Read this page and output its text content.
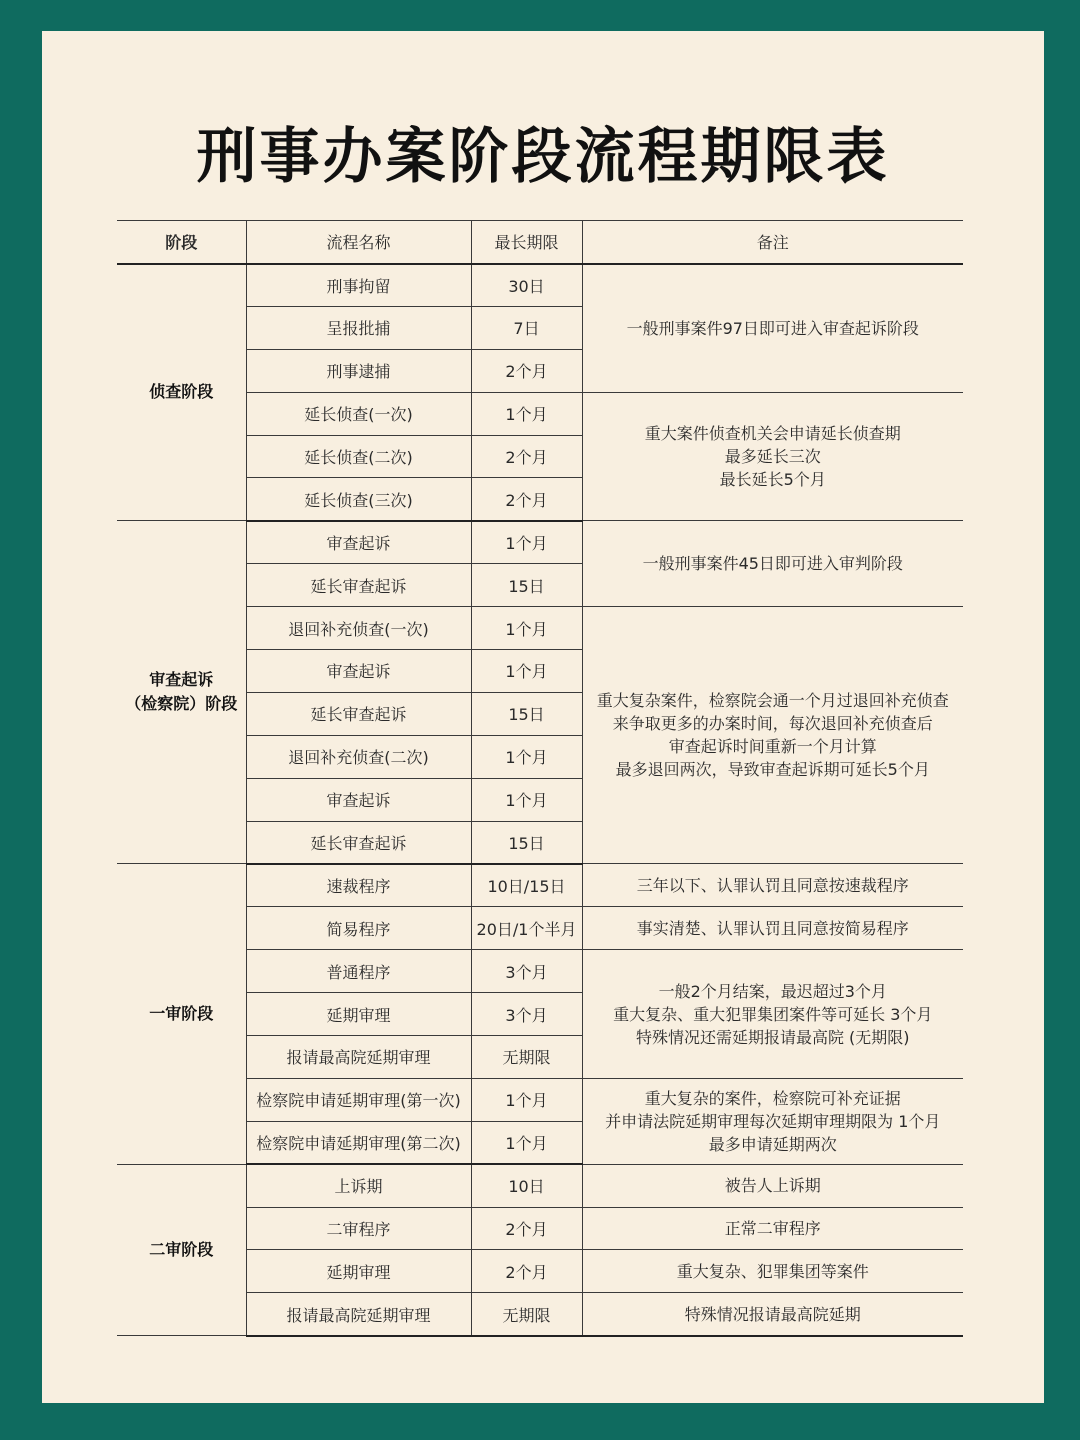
刑事办案阶段流程期限表
阶段	流程名称	最长期限	备注

侦查阶段	刑事拘留	30日	一般刑事案件97日即可进入审查起诉阶段

	呈报批捕	7日	
	刑事逮捕	2个月	
	延长侦查(一次)	1个月	重大案件侦查机关会申请延长侦查期
最多延长三次
最长延长5个月

	延长侦查(二次)	2个月	
	延长侦查(三次)	2个月	

审查起诉
（检察院）阶段	审查起诉	1个月	一般刑事案件45日即可进入审判阶段

	延长审查起诉	15日	
	退回补充侦查(一次)	1个月	重大复杂案件，检察院会通一个月过退回补充侦查
来争取更多的办案时间，每次退回补充侦查后
审查起诉时间重新一个月计算
最多退回两次，导致审查起诉期可延长5个月

	审查起诉	1个月	
	延长审查起诉	15日	
	退回补充侦查(二次)	1个月	
	审查起诉	1个月	
	延长审查起诉	15日	

一审阶段	速裁程序	10日/15日	三年以下、认罪认罚且同意按速裁程序

	简易程序	20日/1个半月	事实清楚、认罪认罚且同意按简易程序

	普通程序	3个月	一般2个月结案，最迟超过3个月
重大复杂、重大犯罪集团案件等可延长 3个月
特殊情况还需延期报请最高院 (无期限)

	延期审理	3个月	
	报请最高院延期审理	无期限	
	检察院申请延期审理(第一次)	1个月	重大复杂的案件，检察院可补充证据
并申请法院延期审理每次延期审理期限为 1个月
最多申请延期两次

	检察院申请延期审理(第二次)	1个月	

二审阶段	上诉期	10日	被告人上诉期

	二审程序	2个月	正常二审程序

	延期审理	2个月	重大复杂、犯罪集团等案件

	报请最高院延期审理	无期限	特殊情况报请最高院延期
